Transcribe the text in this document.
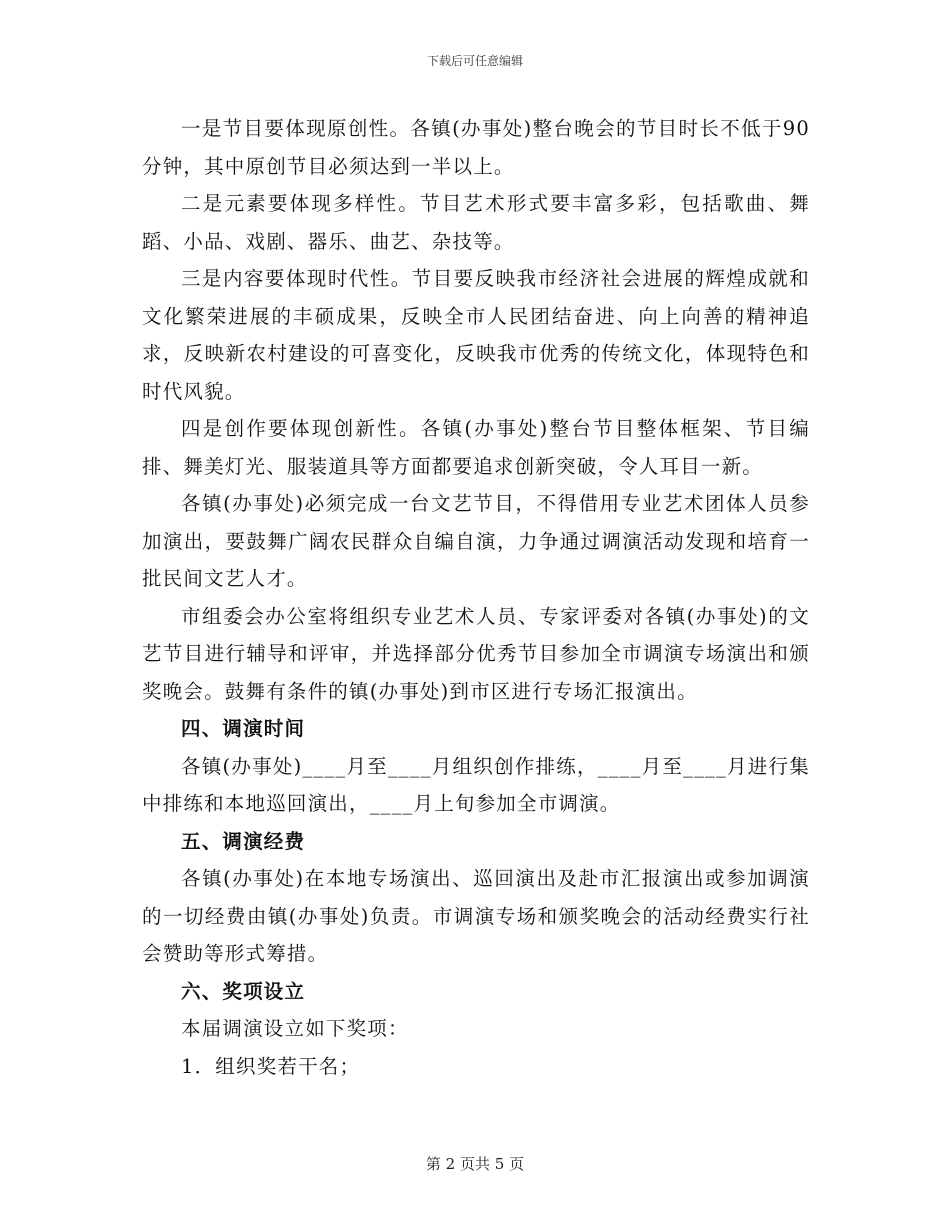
下载后可任意编辑

一是节目要体现原创性。各镇(办事处)整台晚会的节目时长不低于90分钟，其中原创节目必须达到一半以上。

二是元素要体现多样性。节目艺术形式要丰富多彩，包括歌曲、舞蹈、小品、戏剧、器乐、曲艺、杂技等。

三是内容要体现时代性。节目要反映我市经济社会进展的辉煌成就和文化繁荣进展的丰硕成果，反映全市人民团结奋进、向上向善的精神追求，反映新农村建设的可喜变化，反映我市优秀的传统文化，体现特色和时代风貌。

四是创作要体现创新性。各镇(办事处)整台节目整体框架、节目编排、舞美灯光、服装道具等方面都要追求创新突破，令人耳目一新。

各镇(办事处)必须完成一台文艺节目，不得借用专业艺术团体人员参加演出，要鼓舞广阔农民群众自编自演，力争通过调演活动发现和培育一批民间文艺人才。

市组委会办公室将组织专业艺术人员、专家评委对各镇(办事处)的文艺节目进行辅导和评审，并选择部分优秀节目参加全市调演专场演出和颁奖晚会。鼓舞有条件的镇(办事处)到市区进行专场汇报演出。

四、调演时间

各镇(办事处)____月至____月组织创作排练，____月至____月进行集中排练和本地巡回演出，____月上旬参加全市调演。

五、调演经费

各镇(办事处)在本地专场演出、巡回演出及赴市汇报演出或参加调演的一切经费由镇(办事处)负责。市调演专场和颁奖晚会的活动经费实行社会赞助等形式筹措。

六、奖项设立

本届调演设立如下奖项：

1．组织奖若干名；

第 2 页共 5 页
